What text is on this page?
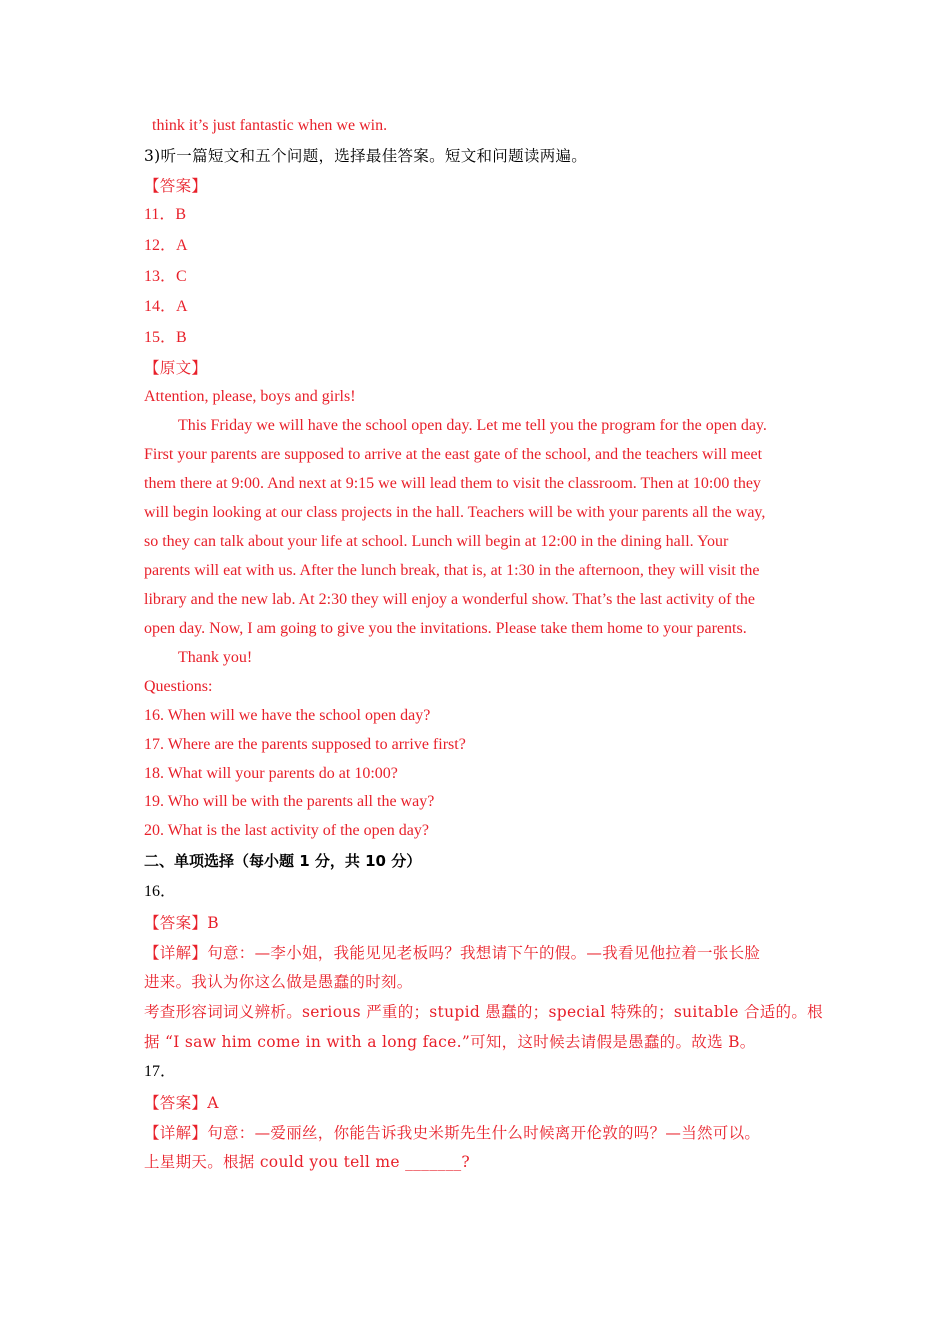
think it’s just fantastic when we win.
3)听一篇短文和五个问题，选择最佳答案。短文和问题读两遍。
【答案】
11．B
12．A
13．C
14．A
15．B
【原文】
Attention, please, boys and girls!
This Friday we will have the school open day. Let me tell you the program for the open day.
First your parents are supposed to arrive at the east gate of the school, and the teachers will meet
them there at 9:00. And next at 9:15 we will lead them to visit the classroom. Then at 10:00 they
will begin looking at our class projects in the hall. Teachers will be with your parents all the way,
so they can talk about your life at school. Lunch will begin at 12:00 in the dining hall. Your
parents will eat with us. After the lunch break, that is, at 1:30 in the afternoon, they will visit the
library and the new lab. At 2:30 they will enjoy a wonderful show. That’s the last activity of the
open day. Now, I am going to give you the invitations. Please take them home to your parents.
Thank you!
Questions:
16. When will we have the school open day?
17. Where are the parents supposed to arrive first?
18. What will your parents do at 10:00?
19. Who will be with the parents all the way?
20. What is the last activity of the open day?
二、单项选择（每小题 1 分，共 10 分）
16．
【答案】B
【详解】句意：—李小姐，我能见见老板吗？我想请下午的假。—我看见他拉着一张长脸
进来。我认为你这么做是愚蠢的时刻。
考查形容词词义辨析。serious 严重的；stupid 愚蠢的；special 特殊的；suitable 合适的。根
据 “I saw him come in with a long face.”可知，这时候去请假是愚蠢的。故选 B。
17．
【答案】A
【详解】句意：—爱丽丝，你能告诉我史米斯先生什么时候离开伦敦的吗？—当然可以。
上星期天。根据 could you tell me _______?
